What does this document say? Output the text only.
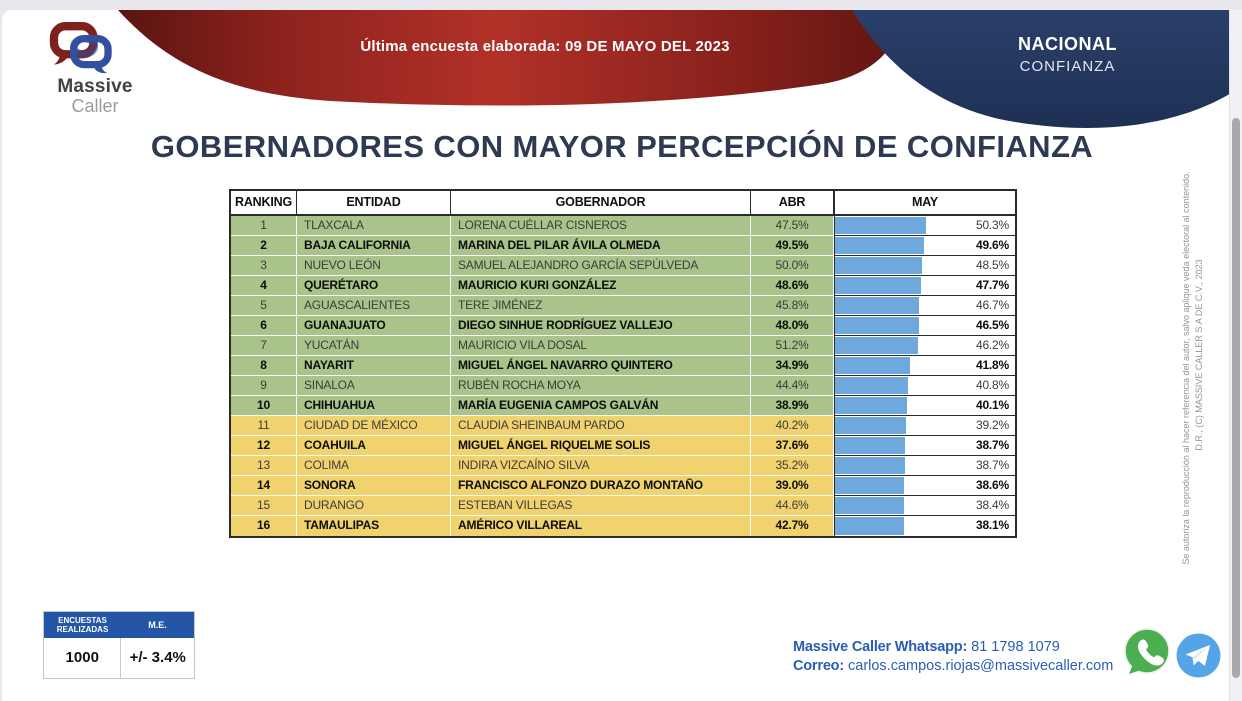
Última encuesta elaborada: 09 DE MAYO DEL 2023	NACIONAL
CONFIANZA
Massive
Caller
GOBERNADORES CON MAYOR PERCEPCIÓN DE CONFIANZA
RANKING	ENTIDAD	GOBERNADOR	ABR	MAY
1	TLAXCALA	LORENA CUÉLLAR CISNEROS	47.5%	50.3%
2	BAJA CALIFORNIA	MARINA DEL PILAR ÁVILA OLMEDA	49.5%	49.6%
3	NUEVO LEÓN	SAMUEL ALEJANDRO GARCÍA SEPÚLVEDA	50.0%	48.5%
4	QUERÉTARO	MAURICIO KURI GONZÁLEZ	48.6%	47.7%
5	AGUASCALIENTES	TERE JIMÉNEZ	45.8%	46.7%
6	GUANAJUATO	DIEGO SINHUE RODRÍGUEZ VALLEJO	48.0%	46.5%
7	YUCATÁN	MAURICIO VILA DOSAL	51.2%	46.2%
8	NAYARIT	MIGUEL ÁNGEL NAVARRO QUINTERO	34.9%	41.8%
9	SINALOA	RUBÉN ROCHA MOYA	44.4%	40.8%
10	CHIHUAHUA	MARÍA EUGENIA CAMPOS GALVÁN	38.9%	40.1%
11	CIUDAD DE MÉXICO	CLAUDIA SHEINBAUM PARDO	40.2%	39.2%
12	COAHUILA	MIGUEL ÁNGEL RIQUELME SOLIS	37.6%	38.7%
13	COLIMA	INDIRA VIZCAÍNO SILVA	35.2%	38.7%
14	SONORA	FRANCISCO ALFONZO DURAZO MONTAÑO	39.0%	38.6%
15	DURANGO	ESTEBAN VILLEGAS	44.6%	38.4%
16	TAMAULIPAS	AMÉRICO VILLAREAL	42.7%	38.1%
ENCUESTAS REALIZADAS	M.E.
1000	+/- 3.4%
Massive Caller Whatsapp: 81 1798 1079
Correo: carlos.campos.riojas@massivecaller.com
D.R., (C) MASSIVE CALLER S.A DE C.V., 2023
Se autoriza la reproducción al hacer referencia del autor, salvo aplique veda electoral al contenido.
